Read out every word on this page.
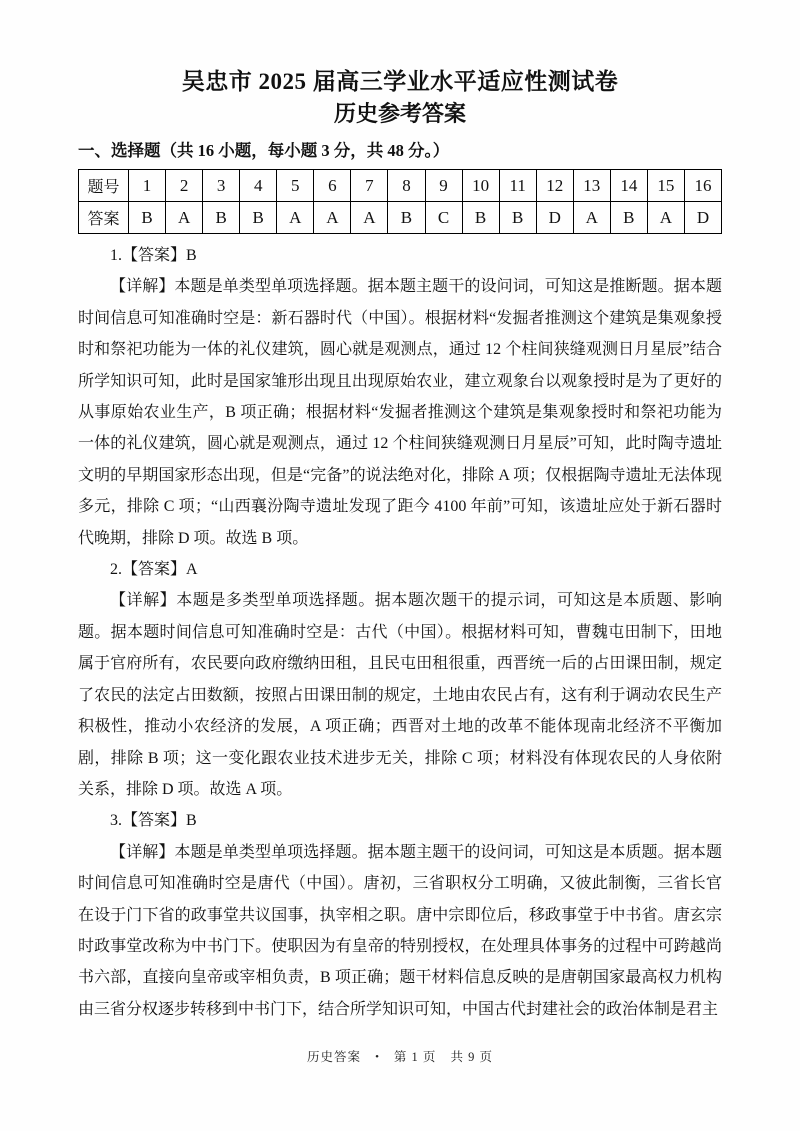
吴忠市 2025 届高三学业水平适应性测试卷
历史参考答案
一、选择题（共 16 小题，每小题 3 分，共 48 分。）
题号	1	2	3	4	5	6	7	8	9	10	11	12	13	14	15	16
答案	B	A	B	B	A	A	A	B	C	B	B	D	A	B	A	D

1.【答案】B

【详解】本题是单类型单项选择题。据本题主题干的设问词，可知这是推断题。据本题时间信息可知准确时空是：新石器时代（中国）。根据材料“发掘者推测这个建筑是集观象授时和祭祀功能为一体的礼仪建筑，圆心就是观测点，通过 12 个柱间狭缝观测日月星辰”结合所学知识可知，此时是国家雏形出现且出现原始农业，建立观象台以观象授时是为了更好的从事原始农业生产，B 项正确；根据材料“发掘者推测这个建筑是集观象授时和祭祀功能为一体的礼仪建筑，圆心就是观测点，通过 12 个柱间狭缝观测日月星辰”可知，此时陶寺遗址文明的早期国家形态出现，但是“完备”的说法绝对化，排除 A 项；仅根据陶寺遗址无法体现多元，排除 C 项；“山西襄汾陶寺遗址发现了距今 4100 年前”可知，该遗址应处于新石器时代晚期，排除 D 项。故选 B 项。

2.【答案】A

【详解】本题是多类型单项选择题。据本题次题干的提示词，可知这是本质题、影响题。据本题时间信息可知准确时空是：古代（中国）。根据材料可知，曹魏屯田制下，田地属于官府所有，农民要向政府缴纳田租，且民屯田租很重，西晋统一后的占田课田制，规定了农民的法定占田数额，按照占田课田制的规定，土地由农民占有，这有利于调动农民生产积极性，推动小农经济的发展，A 项正确；西晋对土地的改革不能体现南北经济不平衡加剧，排除 B 项；这一变化跟农业技术进步无关，排除 C 项；材料没有体现农民的人身依附关系，排除 D 项。故选 A 项。

3.【答案】B

【详解】本题是单类型单项选择题。据本题主题干的设问词，可知这是本质题。据本题时间信息可知准确时空是唐代（中国）。唐初，三省职权分工明确，又彼此制衡，三省长官在设于门下省的政事堂共议国事，执宰相之职。唐中宗即位后，移政事堂于中书省。唐玄宗时政事堂改称为中书门下。使职因为有皇帝的特别授权，在处理具体事务的过程中可跨越尚书六部，直接向皇帝或宰相负责，B 项正确；题干材料信息反映的是唐朝国家最高权力机构由三省分权逐步转移到中书门下，结合所学知识可知，中国古代封建社会的政治体制是君主

历史答案 • 第 1 页 共 9 页
